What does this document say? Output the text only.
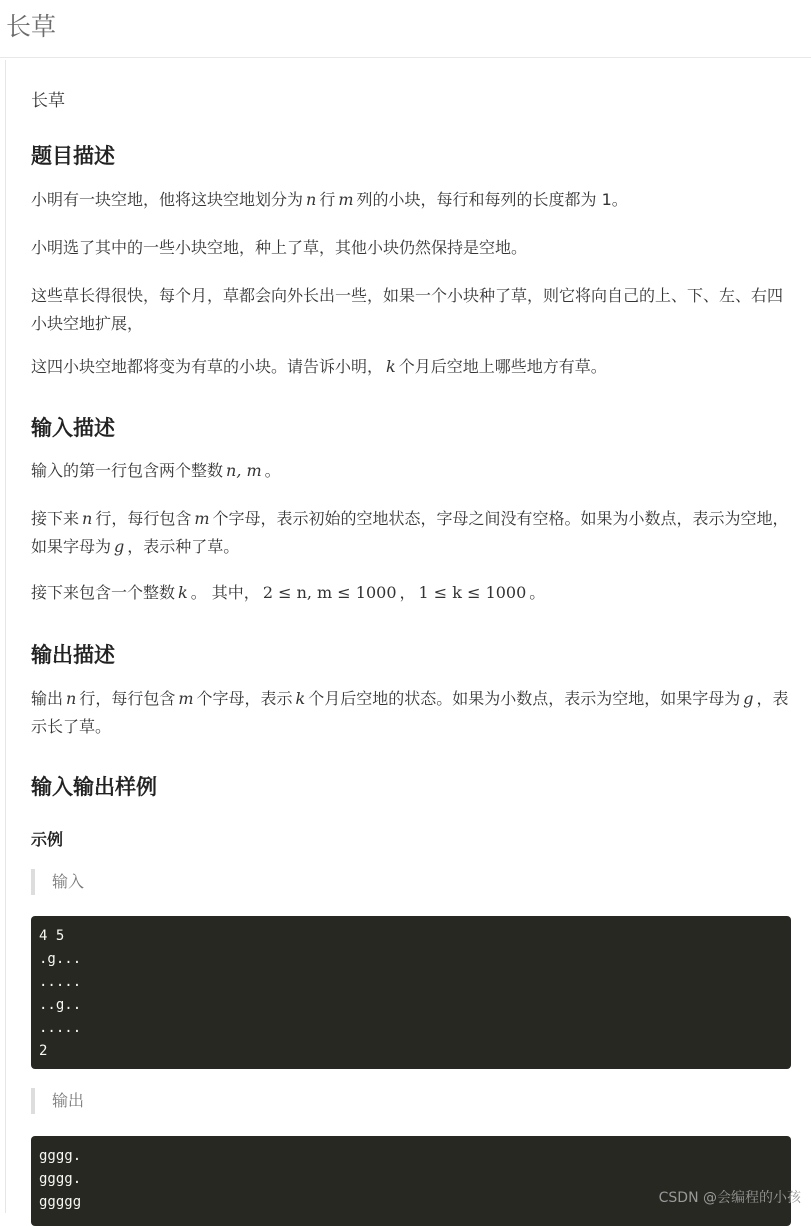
长草
长草
题目描述

小明有一块空地，他将这块空地划分为 n 行 m 列的小块，每行和每列的长度都为 1。

小明选了其中的一些小块空地，种上了草，其他小块仍然保持是空地。

这些草长得很快，每个月，草都会向外长出一些，如果一个小块种了草，则它将向自己的上、下、左、右四小块空地扩展，

这四小块空地都将变为有草的小块。请告诉小明， k 个月后空地上哪些地方有草。

输入描述

输入的第一行包含两个整数 n, m 。

接下来 n 行，每行包含 m 个字母，表示初始的空地状态，字母之间没有空格。如果为小数点，表示为空地，如果字母为 g ，表示种了草。

接下来包含一个整数 k 。 其中， 2 ≤ n, m ≤ 1000 ， 1 ≤ k ≤ 1000 。

输出描述

输出 n 行，每行包含 m 个字母，表示 k 个月后空地的状态。如果为小数点，表示为空地，如果字母为 g ，表示长了草。

输入输出样例
示例
输入
4 5
.g...
.....
..g..
.....
2
输出
gggg.
gggg.
ggggg	CSDN @会编程的小孩
